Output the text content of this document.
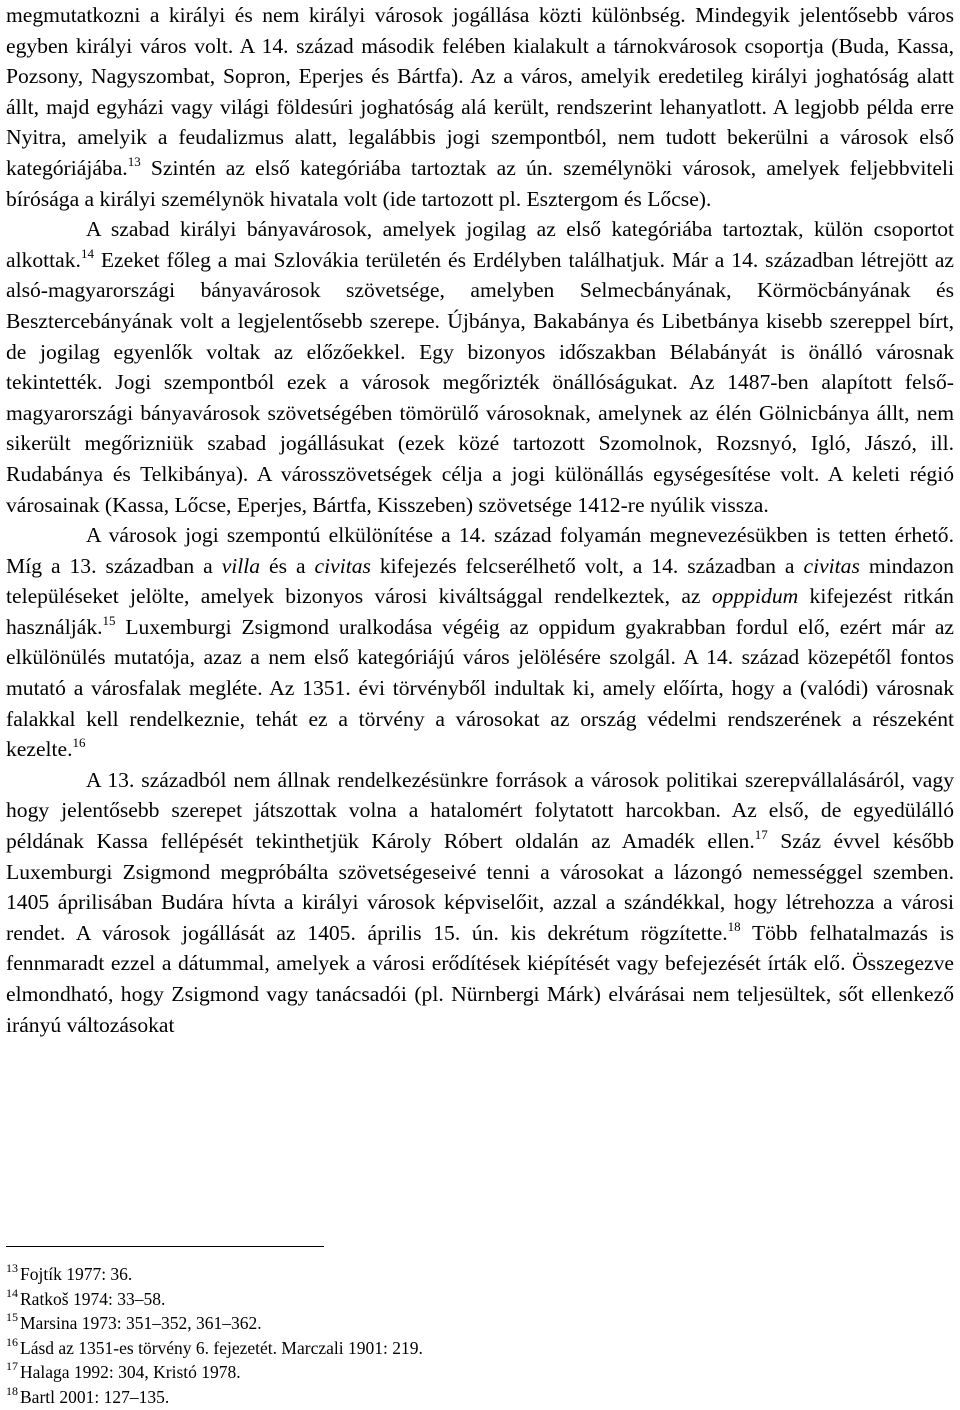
megmutatkozni a királyi és nem királyi városok jogállása közti különbség. Mindegyik jelentősebb város egyben királyi város volt. A 14. század második felében kialakult a tárnokvárosok csoportja (Buda, Kassa, Pozsony, Nagyszombat, Sopron, Eperjes és Bártfa). Az a város, amelyik eredetileg királyi joghatóság alatt állt, majd egyházi vagy világi földesúri joghatóság alá került, rendszerint lehanyatlott. A legjobb példa erre Nyitra, amelyik a feudalizmus alatt, legalábbis jogi szempontból, nem tudott bekerülni a városok első kategóriájába.$^{13}$ Szintén az első kategóriába tartoztak az ún. személynöki városok, amelyek feljebbviteli bírósága a királyi személynök hivatala volt (ide tartozott pl. Esztergom és Lőcse).

A szabad királyi bányavárosok, amelyek jogilag az első kategóriába tartoztak, külön csoportot alkottak.$^{14}$ Ezeket főleg a mai Szlovákia területén és Erdélyben találhatjuk. Már a 14. században létrejött az alsó-magyarországi bányavárosok szövetsége, amelyben Selmecbányának, Körmöcbányának és Besztercebányának volt a legjelentősebb szerepe. Újbánya, Bakabánya és Libetbánya kisebb szereppel bírt, de jogilag egyenlők voltak az előzőekkel. Egy bizonyos időszakban Bélabányát is önálló városnak tekintették. Jogi szempontból ezek a városok megőrizték önállóságukat. Az 1487-ben alapított felső-magyarországi bányavárosok szövetségében tömörülő városoknak, amelynek az élén Gölnicbánya állt, nem sikerült megőrizniük szabad jogállásukat (ezek közé tartozott Szomolnok, Rozsnyó, Igló, Jászó, ill. Rudabánya és Telkibánya). A városszövetségek célja a jogi különállás egységesítése volt. A keleti régió városainak (Kassa, Lőcse, Eperjes, Bártfa, Kisszeben) szövetsége 1412-re nyúlik vissza.

A városok jogi szempontú elkülönítése a 14. század folyamán megnevezésükben is tetten érhető. Míg a 13. században a villa és a civitas kifejezés felcserélhető volt, a 14. században a civitas mindazon településeket jelölte, amelyek bizonyos városi kiváltsággal rendelkeztek, az opppidum kifejezést ritkán használják.$^{15}$ Luxemburgi Zsigmond uralkodása végéig az oppidum gyakrabban fordul elő, ezért már az elkülönülés mutatója, azaz a nem első kategóriájú város jelölésére szolgál. A 14. század közepétől fontos mutató a városfalak megléte. Az 1351. évi törvényből indultak ki, amely előírta, hogy a (valódi) városnak falakkal kell rendelkeznie, tehát ez a törvény a városokat az ország védelmi rendszerének a részeként kezelte.$^{16}$

A 13. századból nem állnak rendelkezésünkre források a városok politikai szerepvállalásáról, vagy hogy jelentősebb szerepet játszottak volna a hatalomért folytatott harcokban. Az első, de egyedülálló példának Kassa fellépését tekinthetjük Károly Róbert oldalán az Amadék ellen.$^{17}$ Száz évvel később Luxemburgi Zsigmond megpróbálta szövetségeseivé tenni a városokat a lázongó nemességgel szemben. 1405 áprilisában Budára hívta a királyi városok képviselőit, azzal a szándékkal, hogy létrehozza a városi rendet. A városok jogállását az 1405. április 15. ún. kis dekrétum rögzítette.$^{18}$ Több felhatalmazás is fennmaradt ezzel a dátummal, amelyek a városi erődítések kiépítését vagy befejezését írták elő. Összegezve elmondható, hogy Zsigmond vagy tanácsadói (pl. Nürnbergi Márk) elvárásai nem teljesültek, sőt ellenkező irányú változásokat

$^{13}$ Fojtík 1977: 36.

$^{14}$ Ratkoš 1974: 33–58.

$^{15}$ Marsina 1973: 351–352, 361–362.

$^{16}$ Lásd az 1351-es törvény 6. fejezetét. Marczali 1901: 219.

$^{17}$ Halaga 1992: 304, Kristó 1978.

$^{18}$ Bartl 2001: 127–135.
